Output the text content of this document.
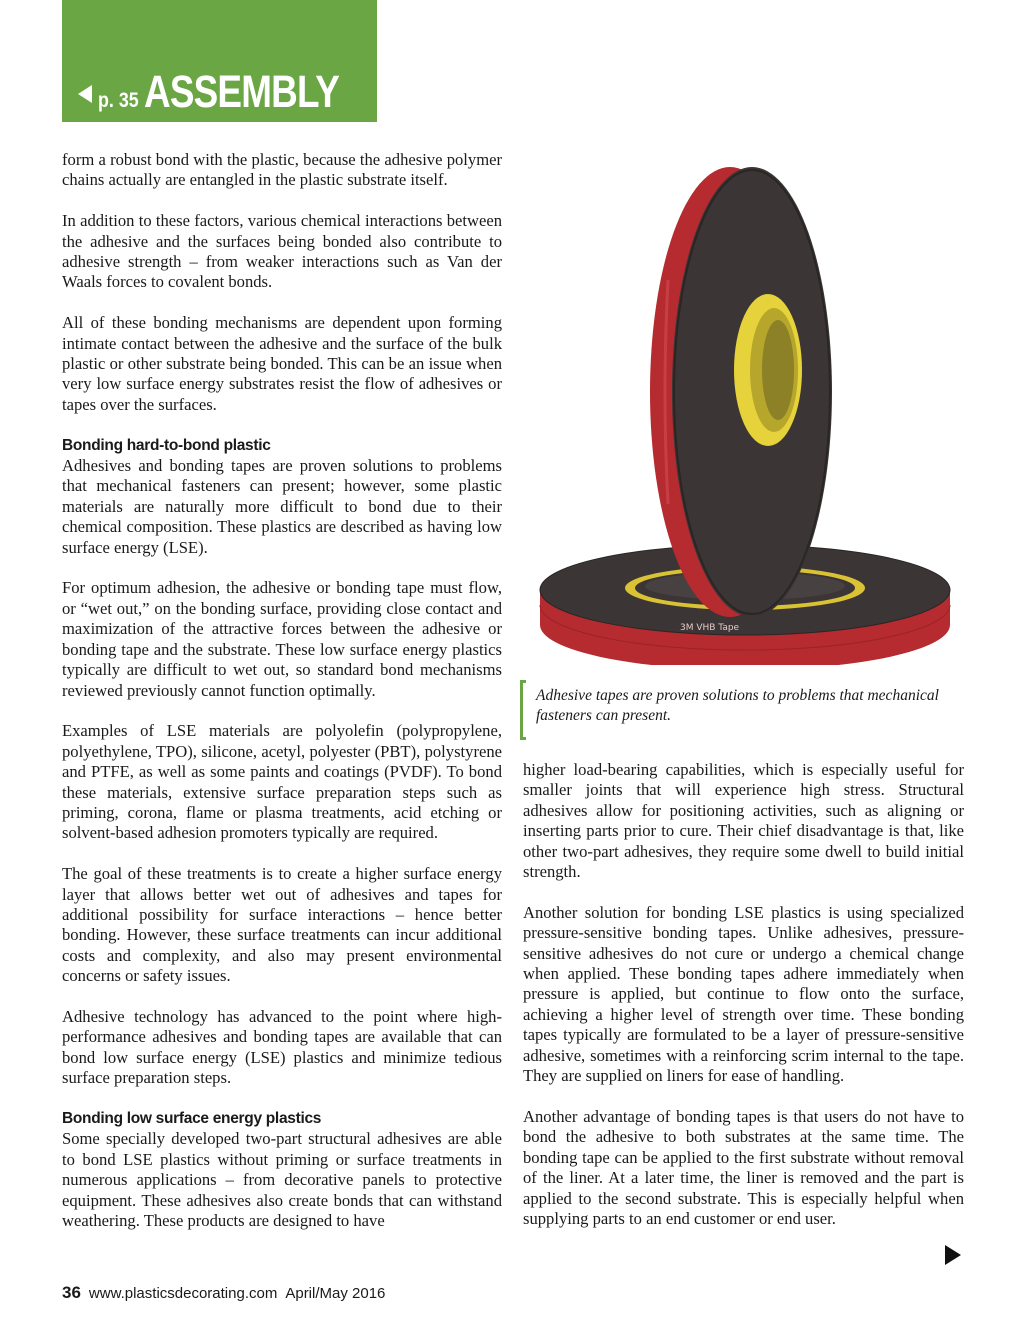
p. 35 ASSEMBLY

form a robust bond with the plastic, because the adhesive polymer chains actually are entangled in the plastic substrate itself.

In addition to these factors, various chemical interactions between the adhesive and the surfaces being bonded also contribute to adhesive strength – from weaker interactions such as Van der Waals forces to covalent bonds.

All of these bonding mechanisms are dependent upon forming intimate contact between the adhesive and the surface of the bulk plastic or other substrate being bonded. This can be an issue when very low surface energy substrates resist the flow of adhesives or tapes over the surfaces.

Bonding hard-to-bond plastic

Adhesives and bonding tapes are proven solutions to problems that mechanical fasteners can present; however, some plastic materials are naturally more difficult to bond due to their chemical composition. These plastics are described as having low surface energy (LSE).

For optimum adhesion, the adhesive or bonding tape must flow, or “wet out,” on the bonding surface, providing close contact and maximization of the attractive forces between the adhesive or bonding tape and the substrate. These low surface energy plastics typically are difficult to wet out, so standard bond mechanisms reviewed previously cannot function optimally.

Examples of LSE materials are polyolefin (polypropylene, polyethylene, TPO), silicone, acetyl, polyester (PBT), polystyrene and PTFE, as well as some paints and coatings (PVDF). To bond these materials, extensive surface preparation steps such as priming, corona, flame or plasma treatments, acid etching or solvent-based adhesion promoters typically are required.

The goal of these treatments is to create a higher surface energy layer that allows better wet out of adhesives and tapes for additional possibility for surface interactions – hence better bonding. However, these surface treatments can incur additional costs and complexity, and also may present environmental concerns or safety issues.

Adhesive technology has advanced to the point where high-performance adhesives and bonding tapes are available that can bond low surface energy (LSE) plastics and minimize tedious surface preparation steps.

Bonding low surface energy plastics

Some specially developed two-part structural adhesives are able to bond LSE plastics without priming or surface treatments in numerous applications – from decorative panels to protective equipment. These adhesives also create bonds that can withstand weathering. These products are designed to have

3M VHB Tape
Adhesive tapes are proven solutions to problems that mechanical fasteners can present.

higher load-bearing capabilities, which is especially useful for smaller joints that will experience high stress. Structural adhesives allow for positioning activities, such as aligning or inserting parts prior to cure. Their chief disadvantage is that, like other two-part adhesives, they require some dwell to build initial strength.

Another solution for bonding LSE plastics is using specialized pressure-sensitive bonding tapes. Unlike adhesives, pressure-sensitive adhesives do not cure or undergo a chemical change when applied. These bonding tapes adhere immediately when pressure is applied, but continue to flow onto the surface, achieving a higher level of strength over time. These bonding tapes typically are formulated to be a layer of pressure-sensitive adhesive, sometimes with a reinforcing scrim internal to the tape. They are supplied on liners for ease of handling.

Another advantage of bonding tapes is that users do not have to bond the adhesive to both substrates at the same time. The bonding tape can be applied to the first substrate without removal of the liner. At a later time, the liner is removed and the part is applied to the second substrate. This is especially helpful when supplying parts to an end customer or end user.

36 www.plasticsdecorating.com April/May 2016
